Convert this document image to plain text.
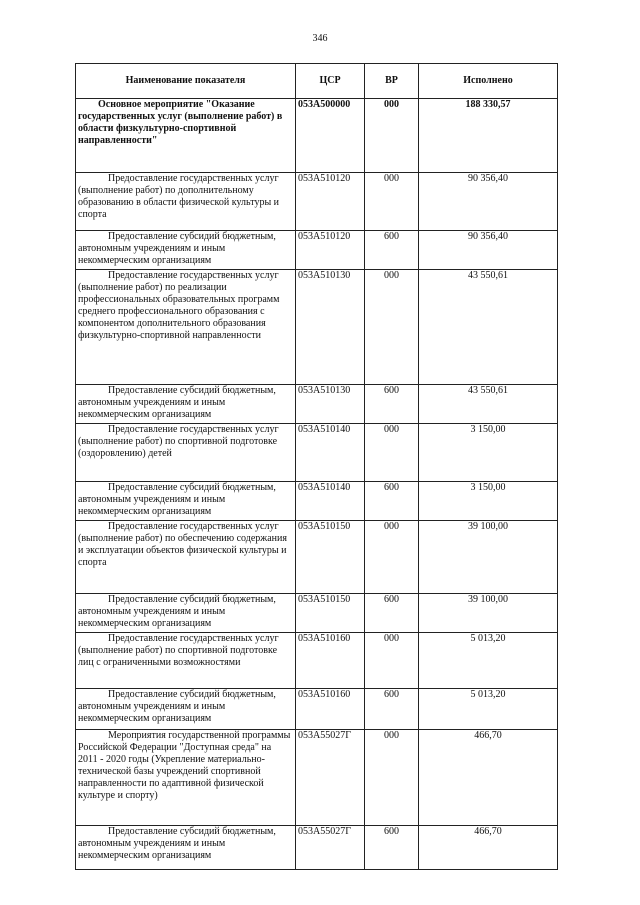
346
Наименование показателя	ЦСР	ВР	Исполнено

Основное мероприятие "Оказание государственных услуг (выполнение работ) в области физкультурно-спортивной направленности"	053A500000	000	188 330,57

Предоставление государственных услуг (выполнение работ) по дополнительному образованию в области физической культуры и спорта	053A510120	000	90 356,40

Предоставление субсидий бюджетным, автономным учреждениям и иным некоммерческим организациям	053A510120	600	90 356,40

Предоставление государственных услуг (выполнение работ) по реализации профессиональных образовательных программ среднего профессионального образования с компонентом дополнительного образования физкультурно-спортивной направленности	053A510130	000	43 550,61

Предоставление субсидий бюджетным, автономным учреждениям и иным некоммерческим организациям	053A510130	600	43 550,61

Предоставление государственных услуг (выполнение работ) по спортивной подготовке (оздоровлению) детей	053A510140	000	3 150,00

Предоставление субсидий бюджетным, автономным учреждениям и иным некоммерческим организациям	053A510140	600	3 150,00

Предоставление государственных услуг (выполнение работ) по обеспечению содержания и эксплуатации объектов физической культуры и спорта	053A510150	000	39 100,00

Предоставление субсидий бюджетным, автономным учреждениям и иным некоммерческим организациям	053A510150	600	39 100,00

Предоставление государственных услуг (выполнение работ) по спортивной подготовке лиц с ограниченными возможностями	053A510160	000	5 013,20

Предоставление субсидий бюджетным, автономным учреждениям и иным некоммерческим организациям	053A510160	600	5 013,20

Мероприятия государственной программы Российской Федерации "Доступная среда" на 2011 - 2020 годы (Укрепление материально-технической базы учреждений спортивной направленности по адаптивной физической культуре и спорту)	053A55027Г	000	466,70

Предоставление субсидий бюджетным, автономным учреждениям и иным некоммерческим организациям	053A55027Г	600	466,70
